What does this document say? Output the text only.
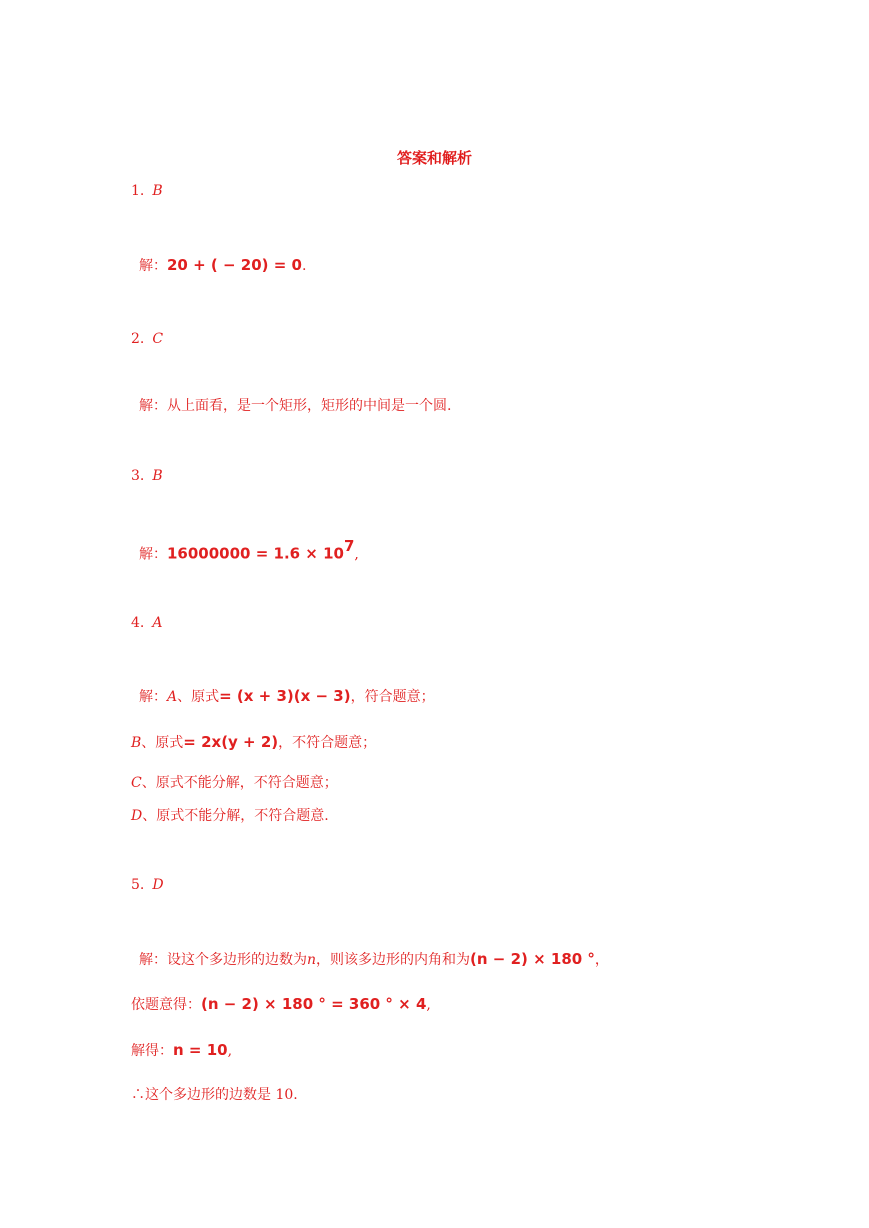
答案和解析
1. B
解：20 + ( − 20) = 0.
2. C
解：从上面看，是一个矩形，矩形的中间是一个圆.
3. B
解：$16000000 = 1.6 \times 10^7$,
4. A
解：A、原式= (x + 3)(x − 3)，符合题意；
B、原式= 2x(y + 2)，不符合题意；
C、原式不能分解，不符合题意；
D、原式不能分解，不符合题意.
5. D
解：设这个多边形的边数为n，则该多边形的内角和为(n − 2) × 180 °，
依题意得：(n − 2) × 180 ° = 360 ° × 4,
解得：n = 10,
∴这个多边形的边数是 10.
